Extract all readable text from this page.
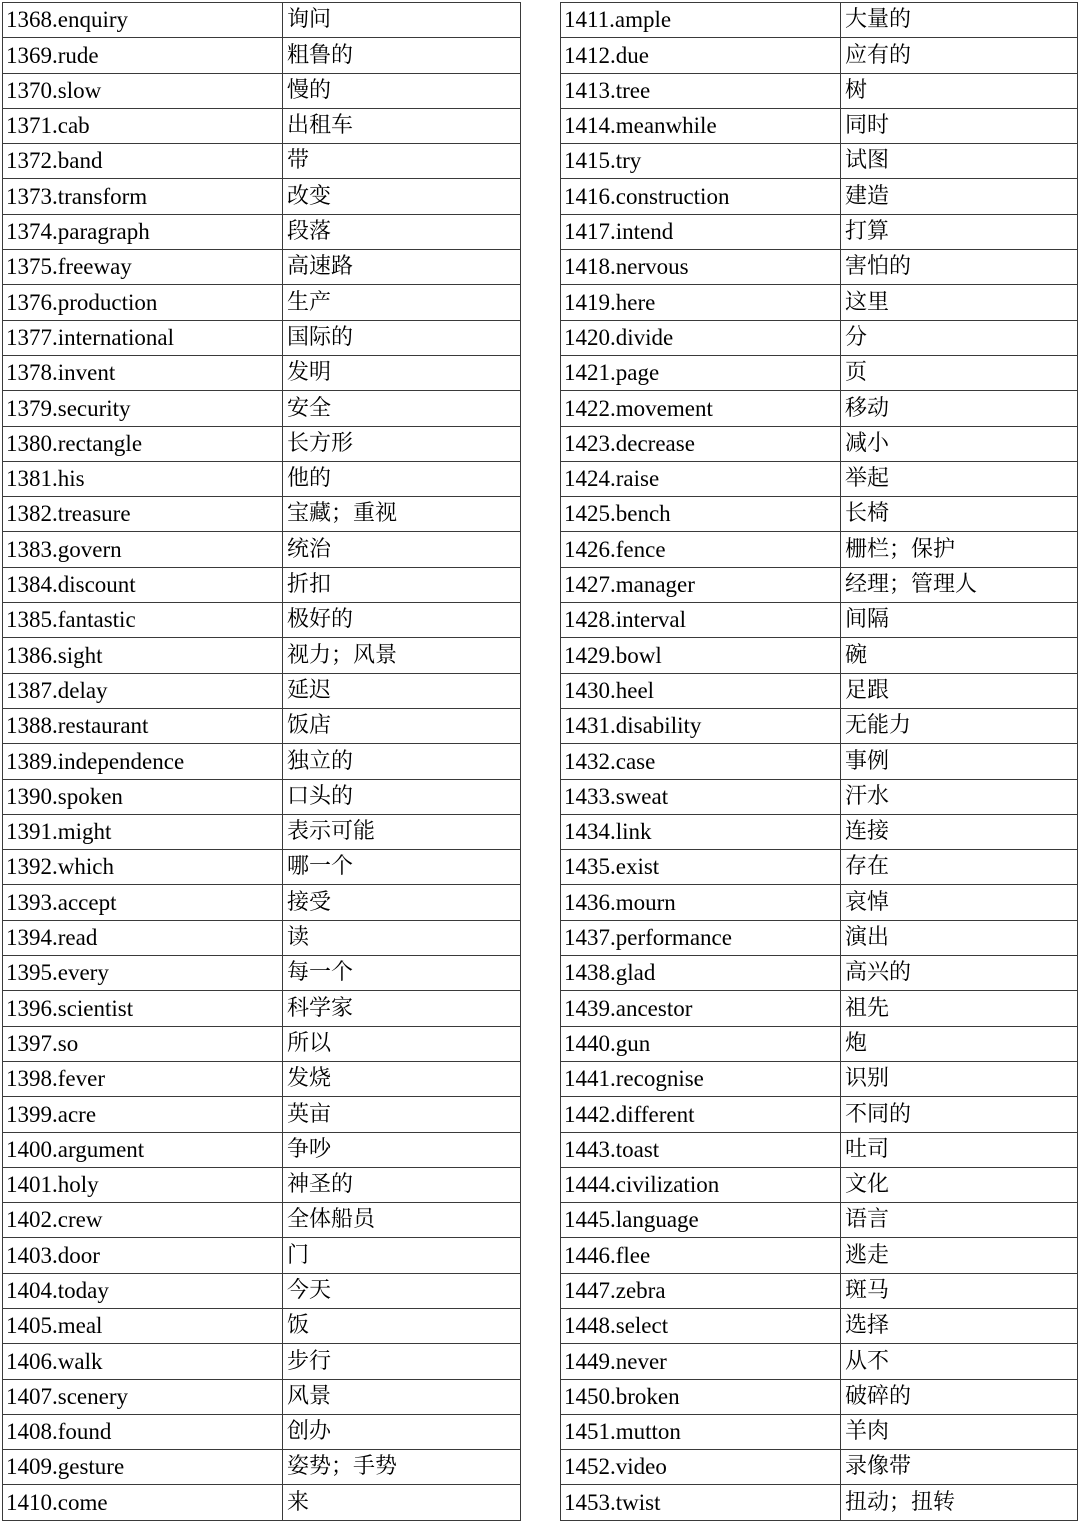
1368.enquiry	询问
1369.rude	粗鲁的
1370.slow	慢的
1371.cab	出租车
1372.band	带
1373.transform	改变
1374.paragraph	段落
1375.freeway	高速路
1376.production	生产
1377.international	国际的
1378.invent	发明
1379.security	安全
1380.rectangle	长方形
1381.his	他的
1382.treasure	宝藏；重视
1383.govern	统治
1384.discount	折扣
1385.fantastic	极好的
1386.sight	视力；风景
1387.delay	延迟
1388.restaurant	饭店
1389.independence	独立的
1390.spoken	口头的
1391.might	表示可能
1392.which	哪一个
1393.accept	接受
1394.read	读
1395.every	每一个
1396.scientist	科学家
1397.so	所以
1398.fever	发烧
1399.acre	英亩
1400.argument	争吵
1401.holy	神圣的
1402.crew	全体船员
1403.door	门
1404.today	今天
1405.meal	饭
1406.walk	步行
1407.scenery	风景
1408.found	创办
1409.gesture	姿势；手势
1410.come	来
1411.ample	大量的
1412.due	应有的
1413.tree	树
1414.meanwhile	同时
1415.try	试图
1416.construction	建造
1417.intend	打算
1418.nervous	害怕的
1419.here	这里
1420.divide	分
1421.page	页
1422.movement	移动
1423.decrease	减小
1424.raise	举起
1425.bench	长椅
1426.fence	栅栏；保护
1427.manager	经理；管理人
1428.interval	间隔
1429.bowl	碗
1430.heel	足跟
1431.disability	无能力
1432.case	事例
1433.sweat	汗水
1434.link	连接
1435.exist	存在
1436.mourn	哀悼
1437.performance	演出
1438.glad	高兴的
1439.ancestor	祖先
1440.gun	炮
1441.recognise	识别
1442.different	不同的
1443.toast	吐司
1444.civilization	文化
1445.language	语言
1446.flee	逃走
1447.zebra	斑马
1448.select	选择
1449.never	从不
1450.broken	破碎的
1451.mutton	羊肉
1452.video	录像带
1453.twist	扭动；扭转
